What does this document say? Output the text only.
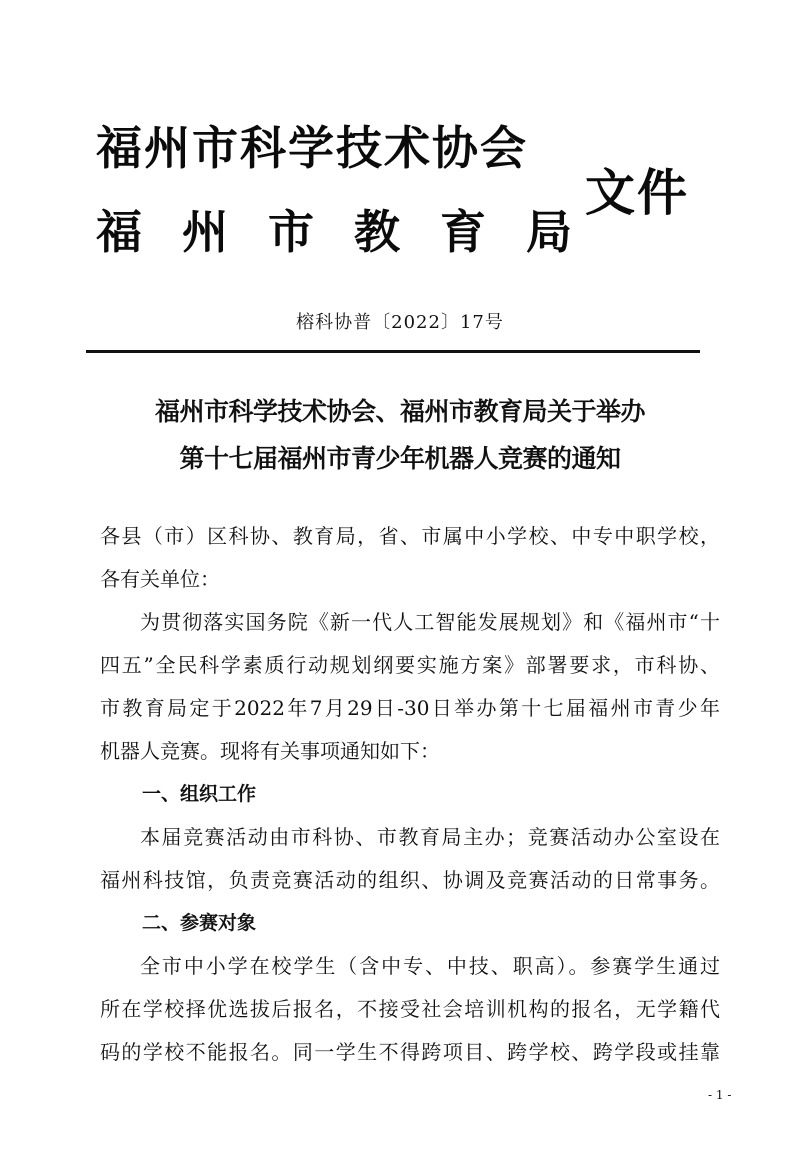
福州市科学技术协会
福州市教育局
文件
榕科协普〔2022〕17号
福州市科学技术协会、福州市教育局关于举办
第十七届福州市青少年机器人竞赛的通知
各县（市）区科协、教育局，省、市属中小学校、中专中职学校，
各有关单位：
为贯彻落实国务院《新一代人工智能发展规划》和《福州市“十
四五”全民科学素质行动规划纲要实施方案》部署要求，市科协、
市教育局定于2022年7月29日-30日举办第十七届福州市青少年
机器人竞赛。现将有关事项通知如下：
一、组织工作
本届竞赛活动由市科协、市教育局主办；竞赛活动办公室设在
福州科技馆，负责竞赛活动的组织、协调及竞赛活动的日常事务。
二、参赛对象
全市中小学在校学生（含中专、中技、职高）。参赛学生通过
所在学校择优选拔后报名，不接受社会培训机构的报名，无学籍代
码的学校不能报名。同一学生不得跨项目、跨学校、跨学段或挂靠
- 1 -
